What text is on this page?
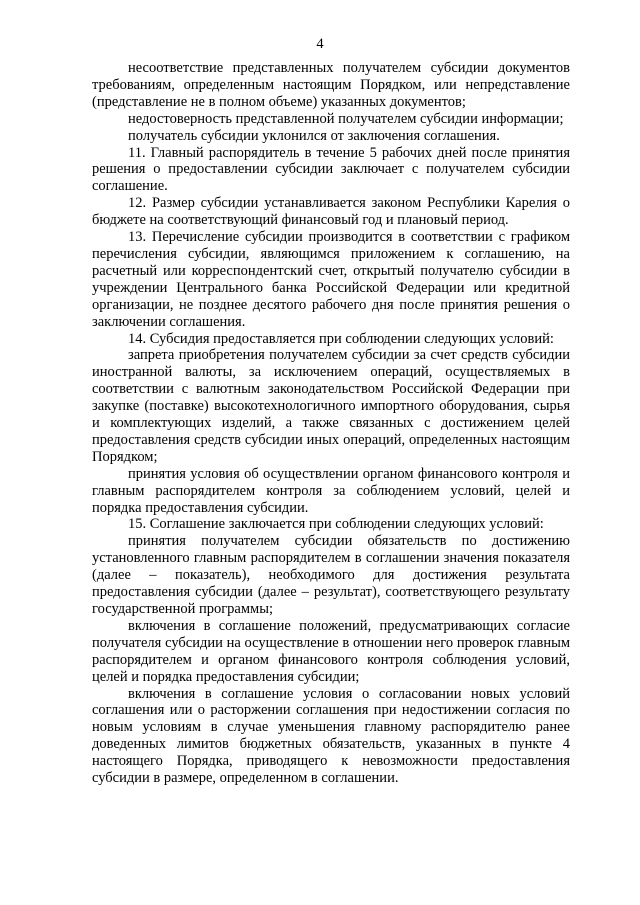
4

несоответствие представленных получателем субсидии документов требованиям, определенным настоящим Порядком, или непредставление (представление не в полном объеме) указанных документов;

недостоверность представленной получателем субсидии информации;

получатель субсидии уклонился от заключения соглашения.

11. Главный распорядитель в течение 5 рабочих дней после принятия решения о предоставлении субсидии заключает с получателем субсидии соглашение.

12. Размер субсидии устанавливается законом Республики Карелия о бюджете на соответствующий финансовый год и плановый период.

13. Перечисление субсидии производится в соответствии с графиком перечисления субсидии, являющимся приложением к соглашению, на расчетный или корреспондентский счет, открытый получателю субсидии в учреждении Центрального банка Российской Федерации или кредитной организации, не позднее десятого рабочего дня после принятия решения о заключении соглашения.

14. Субсидия предоставляется при соблюдении следующих условий:

запрета приобретения получателем субсидии за счет средств субсидии иностранной валюты, за исключением операций, осуществляемых в соответствии с валютным законодательством Российской Федерации при закупке (поставке) высокотехнологичного импортного оборудования, сырья и комплектующих изделий, а также связанных с достижением целей предоставления средств субсидии иных операций, определенных настоящим Порядком;

принятия условия об осуществлении органом финансового контроля и главным распорядителем контроля за соблюдением условий, целей и порядка предоставления субсидии.

15. Соглашение заключается при соблюдении следующих условий:

принятия получателем субсидии обязательств по достижению установленного главным распорядителем в соглашении значения показателя (далее – показатель), необходимого для достижения результата предоставления субсидии (далее – результат), соответствующего результату государственной программы;

включения в соглашение положений, предусматривающих согласие получателя субсидии на осуществление в отношении него проверок главным распорядителем и органом финансового контроля соблюдения условий, целей и порядка предоставления субсидии;

включения в соглашение условия о согласовании новых условий соглашения или о расторжении соглашения при недостижении согласия по новым условиям в случае уменьшения главному распорядителю ранее доведенных лимитов бюджетных обязательств, указанных в пункте 4 настоящего Порядка, приводящего к невозможности предоставления субсидии в размере, определенном в соглашении.
